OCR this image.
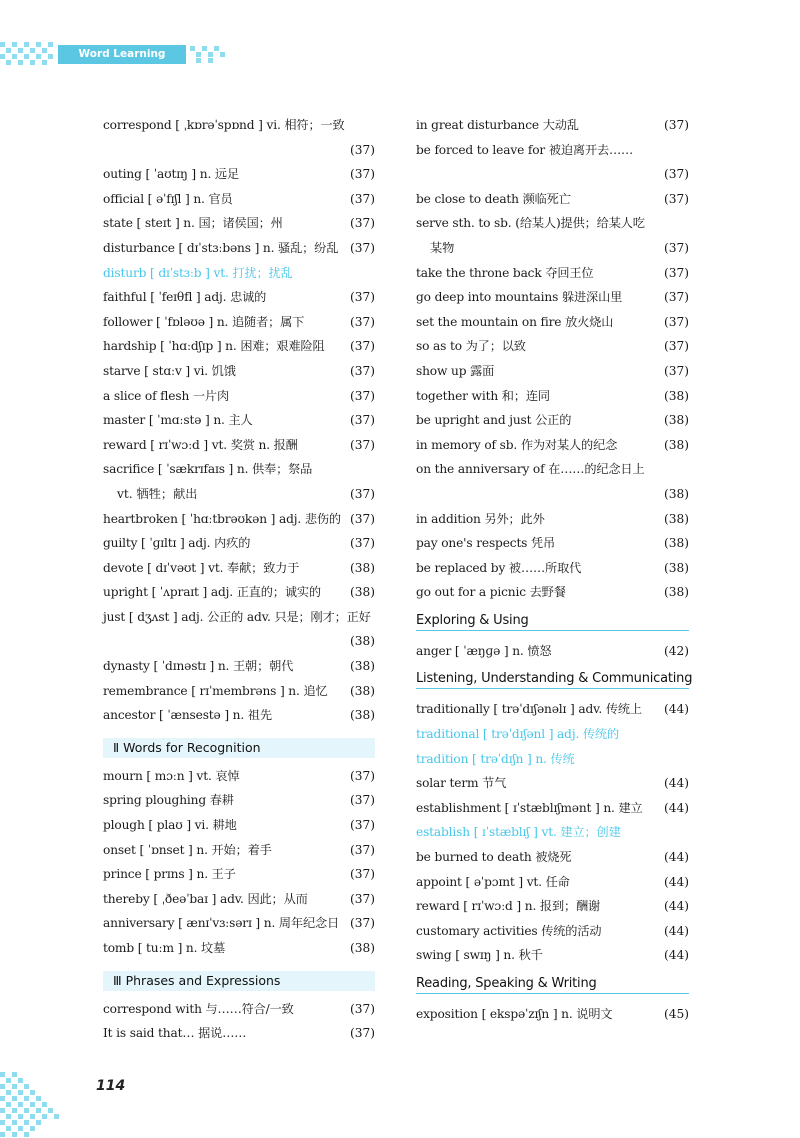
Word Learning Booster
correspond [ ˌkɒrəˈspɒnd ] vi. 相符；一致
(37)
outing [ ˈaʊtɪŋ ] n. 远足	(37)
official [ əˈfɪʃl ] n. 官员	(37)
state [ steɪt ] n. 国；诸侯国；州	(37)
disturbance [ dɪˈstɜːbəns ] n. 骚乱；纷乱 (37)
disturb [ dɪˈstɜːb ] vt. 打扰；扰乱
faithful [ ˈfeɪθfl ] adj. 忠诚的	(37)
follower [ ˈfɒləʊə ] n. 追随者；属下	(37)
hardship [ ˈhɑːdʃɪp ] n. 困难；艰难险阻	(37)
starve [ stɑːv ] vi. 饥饿	(37)
a slice of flesh 一片肉	(37)
master [ ˈmɑːstə ] n. 主人	(37)
reward [ rɪˈwɔːd ] vt. 奖赏 n. 报酬	(37)
sacrifice [ ˈsækrɪfaɪs ] n. 供奉；祭品
vt. 牺牲；献出	(37)
heartbroken [ ˈhɑːtbrəʊkən ] adj. 悲伤的 (37)
guilty [ ˈɡɪltɪ ] adj. 内疚的	(37)
devote [ dɪˈvəʊt ] vt. 奉献；致力于	(38)
upright [ ˈʌpraɪt ] adj. 正直的；诚实的	(38)
just [ dʒʌst ] adj. 公正的 adv. 只是；刚才；正好
(38)
dynasty [ ˈdɪnəstɪ ] n. 王朝；朝代	(38)
remembrance [ rɪˈmembrəns ] n. 追忆	(38)
ancestor [ ˈænsestə ] n. 祖先	(38)
Ⅱ Words for Recognition
mourn [ mɔːn ] vt. 哀悼	(37)
spring ploughing 春耕	(37)
plough [ plaʊ ] vi. 耕地	(37)
onset [ ˈɒnset ] n. 开始；着手	(37)
prince [ prɪns ] n. 王子	(37)
thereby [ ˌðeəˈbaɪ ] adv. 因此；从而	(37)
anniversary [ ænɪˈvɜːsərɪ ] n. 周年纪念日 (37)
tomb [ tuːm ] n. 坟墓	(38)
Ⅲ Phrases and Expressions
correspond with 与……符合/一致	(37)
It is said that… 据说……	(37)
in great disturbance 大动乱	(37)
be forced to leave for 被迫离开去……
(37)
be close to death 濒临死亡	(37)
serve sth. to sb. (给某人)提供；给某人吃
某物	(37)
take the throne back 夺回王位	(37)
go deep into mountains 躲进深山里	(37)
set the mountain on fire 放火烧山	(37)
so as to 为了；以致	(37)
show up 露面	(37)
together with 和；连同	(38)
be upright and just 公正的	(38)
in memory of sb. 作为对某人的纪念	(38)
on the anniversary of 在……的纪念日上
(38)
in addition 另外；此外	(38)
pay one's respects 凭吊	(38)
be replaced by 被……所取代	(38)
go out for a picnic 去野餐	(38)
Exploring & Using
anger [ ˈæŋɡə ] n. 愤怒	(42)
Listening, Understanding & Communicating
traditionally [ trəˈdɪʃənəlɪ ] adv. 传统上	(44)
traditional [ trəˈdɪʃənl ] adj. 传统的
tradition [ trəˈdɪʃn ] n. 传统
solar term 节气	(44)
establishment [ ɪˈstæblɪʃmənt ] n. 建立	(44)
establish [ ɪˈstæblɪʃ ] vt. 建立；创建
be burned to death 被烧死	(44)
appoint [ əˈpɔɪnt ] vt. 任命	(44)
reward [ rɪˈwɔːd ] n. 报到；酬谢	(44)
customary activities 传统的活动	(44)
swing [ swɪŋ ] n. 秋千	(44)
Reading, Speaking & Writing
exposition [ ekspəˈzɪʃn ] n. 说明文	(45)
114
